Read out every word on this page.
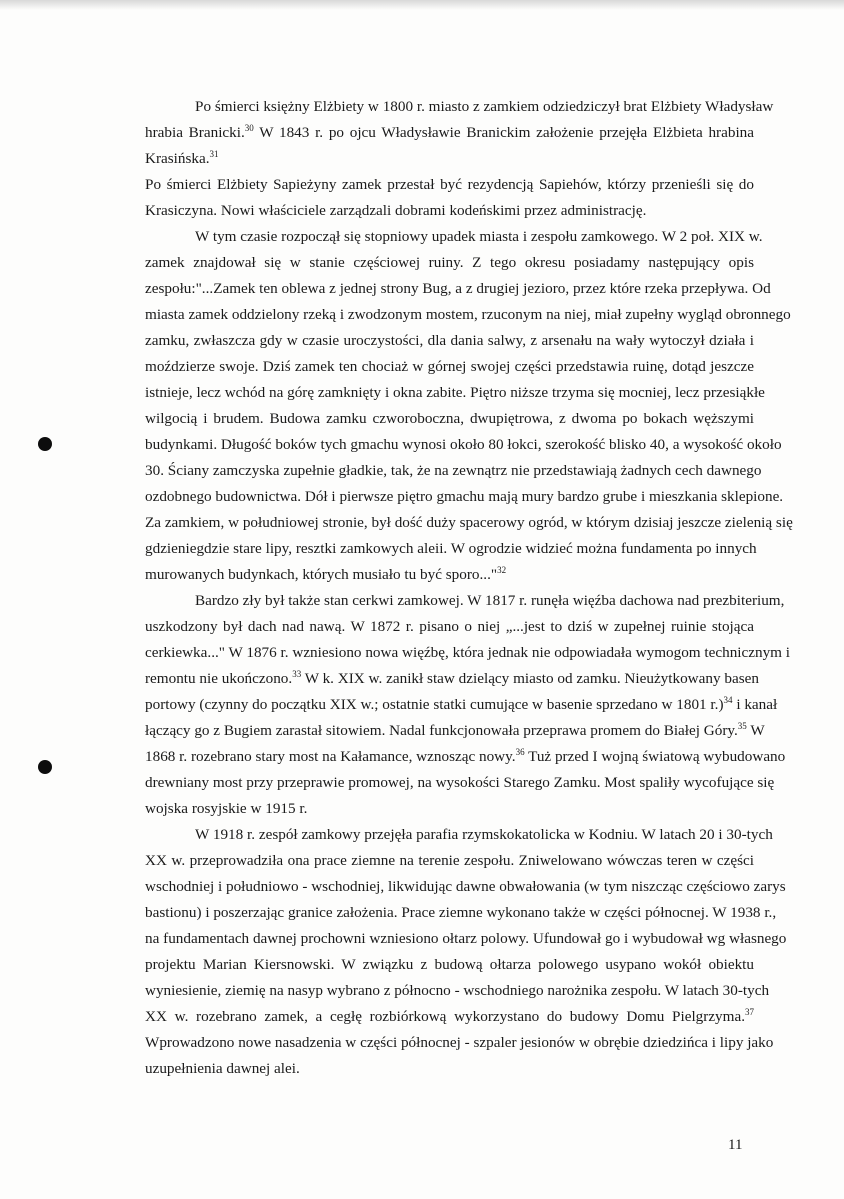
Po śmierci księżny Elżbiety w 1800 r. miasto z zamkiem odziedziczył brat Elżbiety Władysław
hrabia Branicki.$^{30}$ W 1843 r. po ojcu Władysławie Branickim założenie przejęła Elżbieta hrabina
Krasińska.$^{31}$
Po śmierci Elżbiety Sapieżyny zamek przestał być rezydencją Sapiehów, którzy przenieśli się do
Krasiczyna. Nowi właściciele zarządzali dobrami kodeńskimi przez administrację.
W tym czasie rozpoczął się stopniowy upadek miasta i zespołu zamkowego. W 2 poł. XIX w.
zamek znajdował się w stanie częściowej ruiny. Z tego okresu posiadamy następujący opis
zespołu:"...Zamek ten oblewa z jednej strony Bug, a z drugiej jezioro, przez które rzeka przepływa. Od
miasta zamek oddzielony rzeką i zwodzonym mostem, rzuconym na niej, miał zupełny wygląd obronnego
zamku, zwłaszcza gdy w czasie uroczystości, dla dania salwy, z arsenału na wały wytoczył działa i
moździerze swoje. Dziś zamek ten chociaż w górnej swojej części przedstawia ruinę, dotąd jeszcze
istnieje, lecz wchód na górę zamknięty i okna zabite. Piętro niższe trzyma się mocniej, lecz przesiąkłe
wilgocią i brudem. Budowa zamku czworoboczna, dwupiętrowa, z dwoma po bokach węższymi
budynkami. Długość boków tych gmachu wynosi około 80 łokci, szerokość blisko 40, a wysokość około
30. Ściany zamczyska zupełnie gładkie, tak, że na zewnątrz nie przedstawiają żadnych cech dawnego
ozdobnego budownictwa. Dół i pierwsze piętro gmachu mają mury bardzo grube i mieszkania sklepione.
Za zamkiem, w południowej stronie, był dość duży spacerowy ogród, w którym dzisiaj jeszcze zielenią się
gdzieniegdzie stare lipy, resztki zamkowych aleii. W ogrodzie widzieć można fundamenta po innych
murowanych budynkach, których musiało tu być sporo..."$^{32}$
Bardzo zły był także stan cerkwi zamkowej. W 1817 r. runęła więźba dachowa nad prezbiterium,
uszkodzony był dach nad nawą. W 1872 r. pisano o niej „...jest to dziś w zupełnej ruinie stojąca
cerkiewka..." W 1876 r. wzniesiono nowa więźbę, która jednak nie odpowiadała wymogom technicznym i
remontu nie ukończono.$^{33}$ W k. XIX w. zanikł staw dzielący miasto od zamku. Nieużytkowany basen
portowy (czynny do początku XIX w.; ostatnie statki cumujące w basenie sprzedano w 1801 r.)$^{34}$ i kanał
łączący go z Bugiem zarastał sitowiem. Nadal funkcjonowała przeprawa promem do Białej Góry.$^{35}$ W
1868 r. rozebrano stary most na Kałamance, wznosząc nowy.$^{36}$ Tuż przed I wojną światową wybudowano
drewniany most przy przeprawie promowej, na wysokości Starego Zamku. Most spaliły wycofujące się
wojska rosyjskie w 1915 r.
W 1918 r. zespół zamkowy przejęła parafia rzymskokatolicka w Kodniu. W latach 20 i 30-tych
XX w. przeprowadziła ona prace ziemne na terenie zespołu. Zniwelowano wówczas teren w części
wschodniej i południowo - wschodniej, likwidując dawne obwałowania (w tym niszcząc częściowo zarys
bastionu) i poszerzając granice założenia. Prace ziemne wykonano także w części północnej. W 1938 r.,
na fundamentach dawnej prochowni wzniesiono ołtarz polowy. Ufundował go i wybudował wg własnego
projektu Marian Kiersnowski. W związku z budową ołtarza polowego usypano wokół obiektu
wyniesienie, ziemię na nasyp wybrano z północno - wschodniego narożnika zespołu. W latach 30-tych
XX w. rozebrano zamek, a cegłę rozbiórkową wykorzystano do budowy Domu Pielgrzyma.$^{37}$
Wprowadzono nowe nasadzenia w części północnej - szpaler jesionów w obrębie dziedzińca i lipy jako
uzupełnienia dawnej alei.
11
